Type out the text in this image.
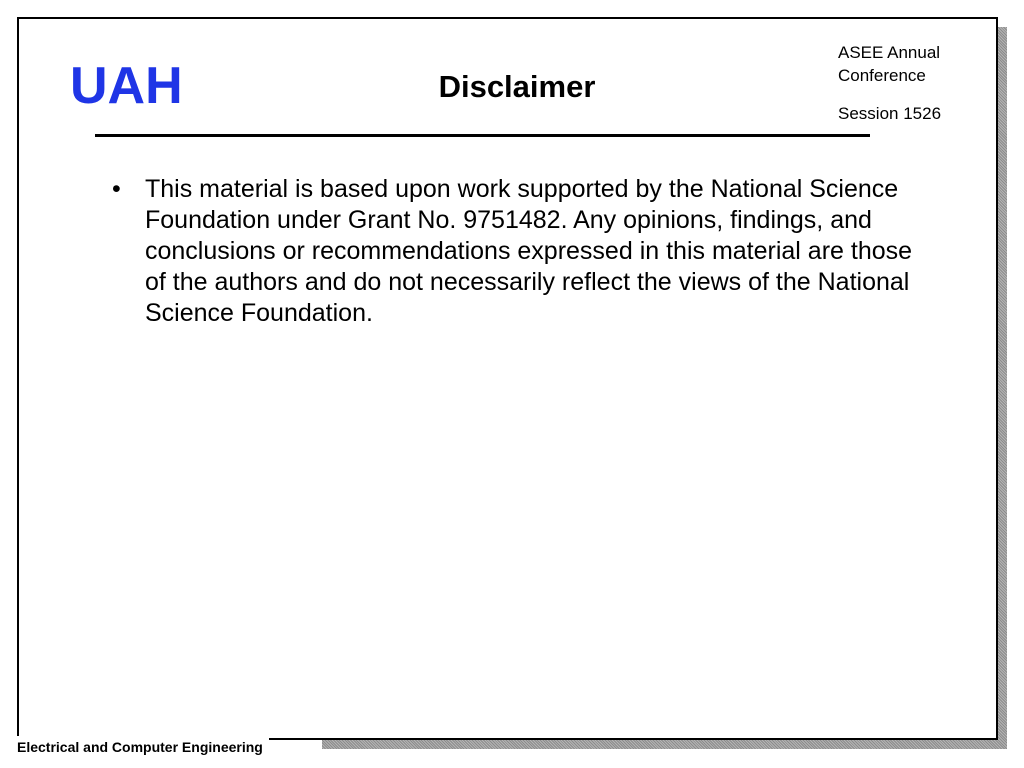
UAH	Disclaimer
ASEE Annual
Conference
Session 1526
• This material is based upon work supported by the National Science Foundation under Grant No. 9751482. Any opinions, findings, and conclusions or recommendations expressed in this material are those of the authors and do not necessarily reflect the views of the National Science Foundation.
Electrical and Computer Engineering
